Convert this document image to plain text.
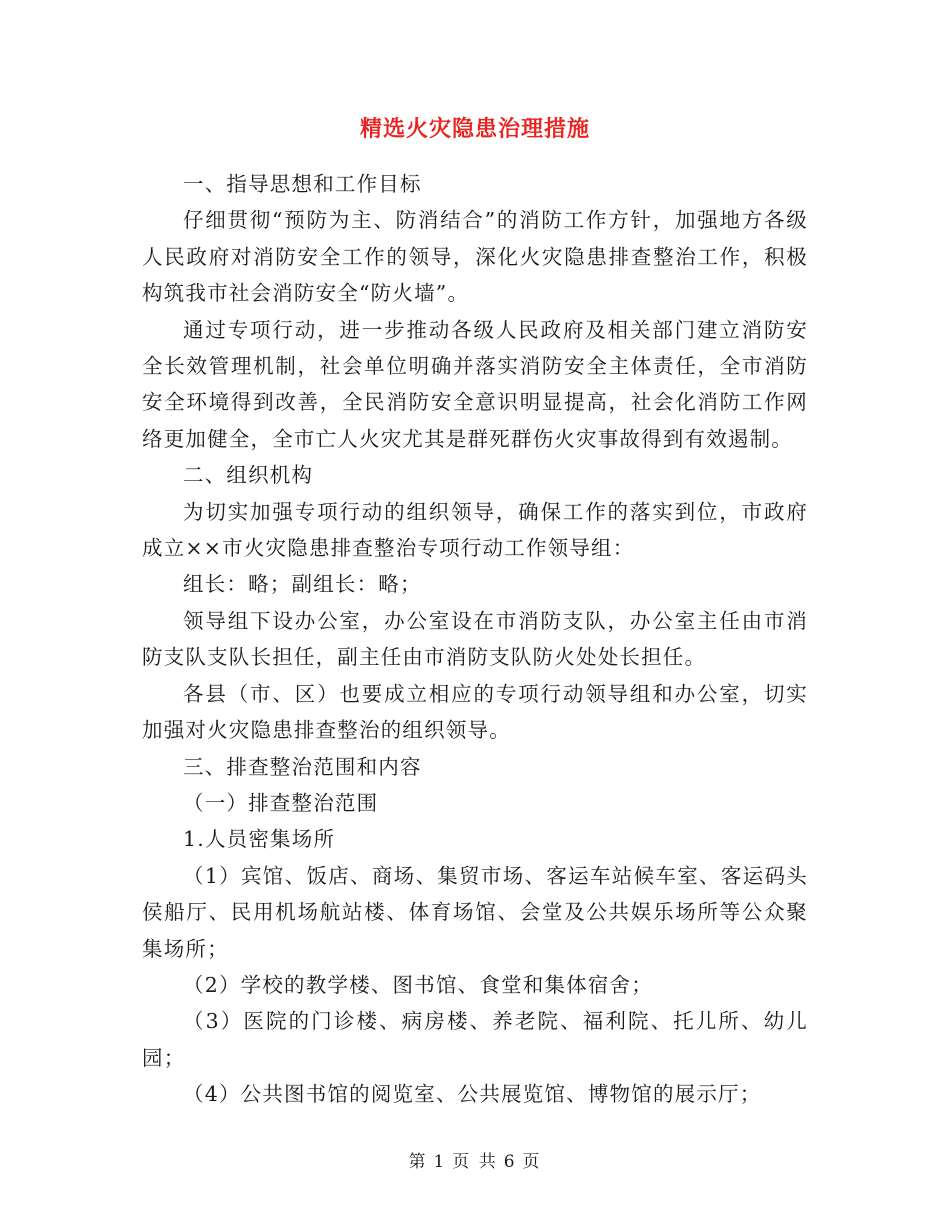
精选火灾隐患治理措施

一、指导思想和工作目标

仔细贯彻“预防为主、防消结合”的消防工作方针，加强地方各级人民政府对消防安全工作的领导，深化火灾隐患排查整治工作，积极构筑我市社会消防安全“防火墙”。

通过专项行动，进一步推动各级人民政府及相关部门建立消防安全长效管理机制，社会单位明确并落实消防安全主体责任，全市消防安全环境得到改善，全民消防安全意识明显提高，社会化消防工作网络更加健全，全市亡人火灾尤其是群死群伤火灾事故得到有效遏制。

二、组织机构

为切实加强专项行动的组织领导，确保工作的落实到位，市政府成立××市火灾隐患排查整治专项行动工作领导组：

组长：略；副组长：略；

领导组下设办公室，办公室设在市消防支队，办公室主任由市消防支队支队长担任，副主任由市消防支队防火处处长担任。

各县（市、区）也要成立相应的专项行动领导组和办公室，切实加强对火灾隐患排查整治的组织领导。

三、排查整治范围和内容

（一）排查整治范围

1.人员密集场所

（1）宾馆、饭店、商场、集贸市场、客运车站候车室、客运码头侯船厅、民用机场航站楼、体育场馆、会堂及公共娱乐场所等公众聚集场所；

（2）学校的教学楼、图书馆、食堂和集体宿舍；

（3）医院的门诊楼、病房楼、养老院、福利院、托儿所、幼儿园；

（4）公共图书馆的阅览室、公共展览馆、博物馆的展示厅；

第 1 页 共 6 页
